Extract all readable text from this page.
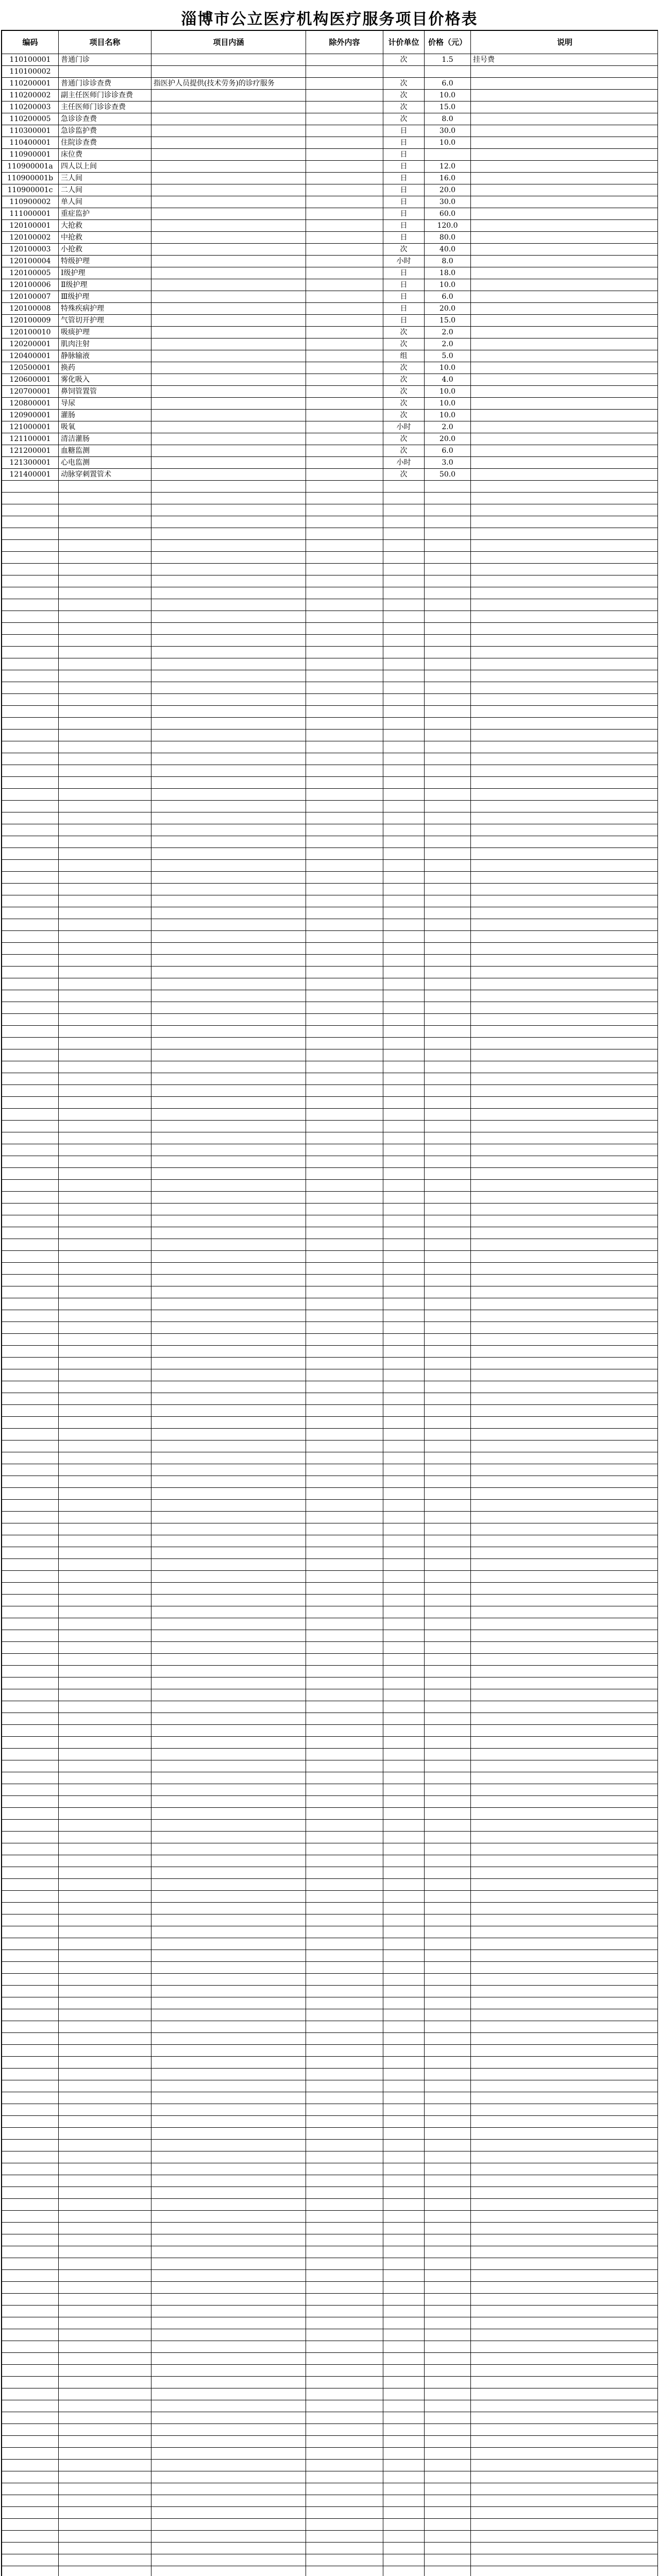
淄博市公立医疗机构医疗服务项目价格表
编码	项目名称	项目内涵	除外内容	计价单位	价格（元）	说明
110100001	普通门诊			次	1.5	挂号费
110100002						
110200001	普通门诊诊查费	指医护人员提供(技术劳务)的诊疗服务		次	6.0	
110200002	副主任医师门诊诊查费			次	10.0	
110200003	主任医师门诊诊查费			次	15.0	
110200005	急诊诊查费			次	8.0	
110300001	急诊监护费			日	30.0	
110400001	住院诊查费			日	10.0	
110900001	床位费			日		
110900001a	四人以上间			日	12.0	
110900001b	三人间			日	16.0	
110900001c	二人间			日	20.0	
110900002	单人间			日	30.0	
111000001	重症监护			日	60.0	
120100001	大抢救			日	120.0	
120100002	中抢救			日	80.0	
120100003	小抢救			次	40.0	
120100004	特级护理			小时	8.0	
120100005	Ⅰ级护理			日	18.0	
120100006	Ⅱ级护理			日	10.0	
120100007	Ⅲ级护理			日	6.0	
120100008	特殊疾病护理			日	20.0	
120100009	气管切开护理			日	15.0	
120100010	吸痰护理			次	2.0	
120200001	肌肉注射			次	2.0	
120400001	静脉输液			组	5.0	
120500001	换药			次	10.0	
120600001	雾化吸入			次	4.0	
120700001	鼻饲管置管			次	10.0	
120800001	导尿			次	10.0	
120900001	灌肠			次	10.0	
121000001	吸氧			小时	2.0	
121100001	清洁灌肠			次	20.0	
121200001	血糖监测			次	6.0	
121300001	心电监测			小时	3.0	
121400001	动脉穿刺置管术			次	50.0	
